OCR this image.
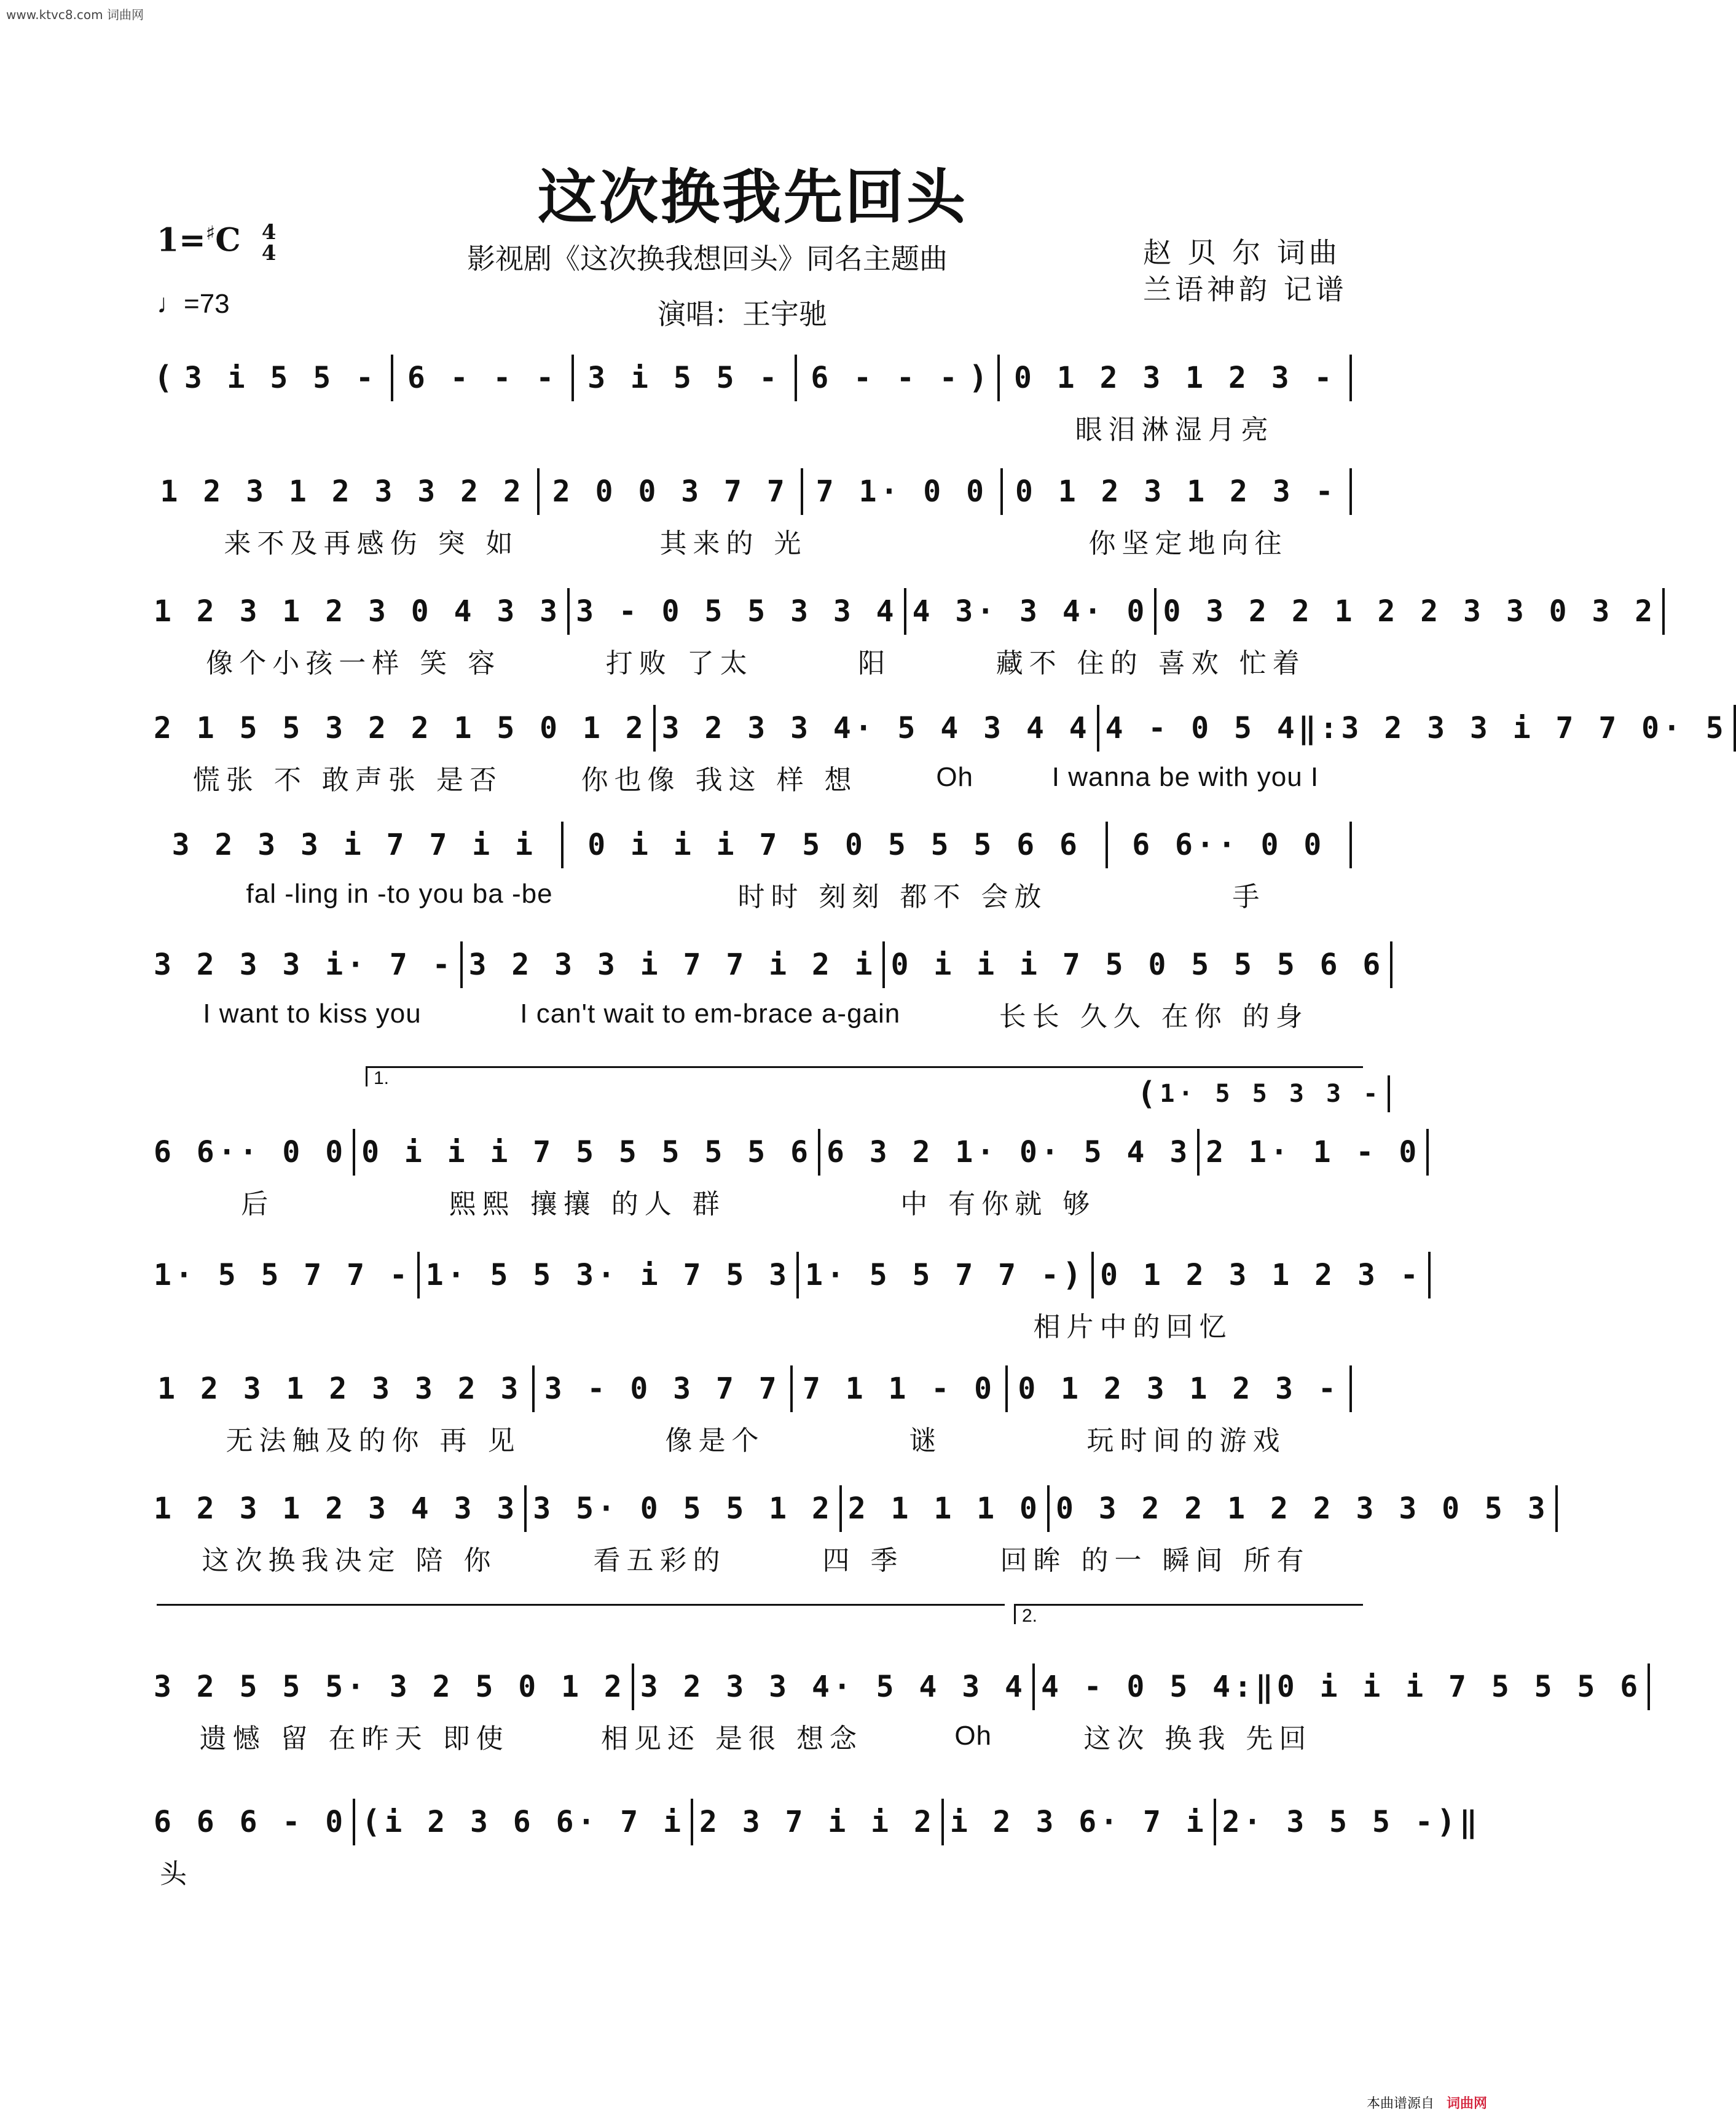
www.ktvc8.com 词曲网
这次换我先回头
影视剧《这次换我想回头》同名主题曲
演唱：王宇驰
赵 贝 尔 词曲
兰语神韵 记谱
1=♯C 4
4
♩=73
1.
2.
( 3 i 5 5 - 6 - - - 3 i 5 5 - 6 - - - ) 0 1 2 3 1 2 3 -
眼泪淋湿月亮
1 2 3 1 2 3 3 2 2 2 0 0 3 7 7 7 1· 0 0 0 1 2 3 1 2 3 -
来不及再感伤 突 如	其来的 光	你坚定地向往
1 2 3 1 2 3 0 4 3 3 3 - 0 5 5 3 3 4 4 3· 3 4· 0 0 3 2 2 1 2 2 3 3 0 3 2
像个小孩一样 笑 容	打败 了太	阳	藏不 住的 喜欢 忙着
2 1 5 5 3 2 2 1 5 0 1 2 3 2 3 3 4· 5 4 3 4 4 4 - 0 5 4 ‖: 3 2 3 3 i 7 7 0· 5
慌张 不 敢声张 是否	你也像 我这 样 想	Oh	I wanna be with you I
3 2 3 3 i 7 7 i i	0 i i i 7 5 0 5 5 5 6 6	6 6·· 0 0
fal -ling in -to you ba -be	时时 刻刻 都不 会放	手
3 2 3 3 i· 7 - 3 2 3 3 i 7 7 i 2 i 0 i i i 7 5 0 5 5 5 6 6
I want to kiss you	I can't wait to em-brace a-gain	长长 久久 在你 的身
( 1· 5 5 3 3 -
6 6·· 0 0 0 i i i 7 5 5 5 5 5 6 6 3 2 1· 0· 5 4 3 2 1· 1 - 0
后	熙熙 攘攘 的人 群	中 有你就 够
1· 5 5 7 7 - 1· 5 5 3· i 7 5 3 1· 5 5 7 7 - ) 0 1 2 3 1 2 3 -
相片中的回忆
1 2 3 1 2 3 3 2 3 3 - 0 3 7 7 7 1 1 - 0 0 1 2 3 1 2 3 -
无法触及的你 再 见	像是个	谜	玩时间的游戏
1 2 3 1 2 3 4 3 3 3 5· 0 5 5 1 2 2 1 1 1 0 0 3 2 2 1 2 2 3 3 0 5 3
这次换我决定 陪 你	看五彩的	四 季	回眸 的一 瞬间 所有
3 2 5 5 5· 3 2 5 0 1 2 3 2 3 3 4· 5 4 3 4 4 - 0 5 4 :‖ 0 i i i 7 5 5 5 6
遗憾 留 在昨天 即使	相见还 是很 想念	Oh	这次 换我 先回
6 6 6 - 0 ( i 2 3 6 6· 7 i 2 3 7 i i 2 i 2 3 6· 7 i 2· 3 5 5 - ) ‖
头
本曲谱源自 词曲网
